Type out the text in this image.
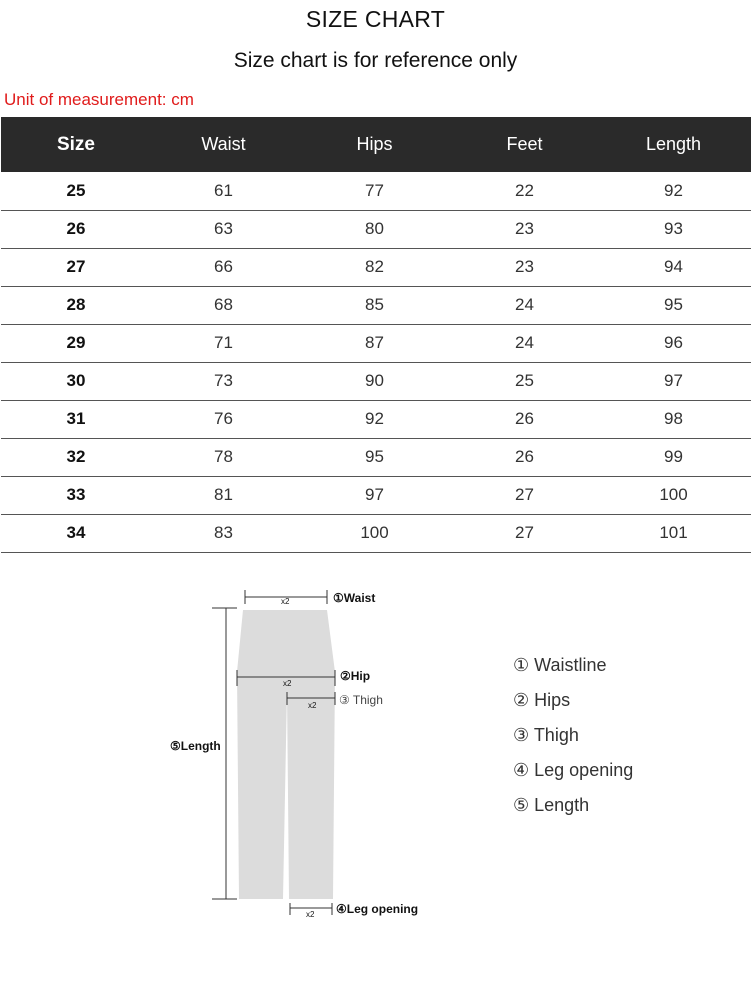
SIZE CHART
Size chart is for reference only
Unit of measurement: cm
Size	Waist	Hips	Feet	Length
25	61	77	22	92
26	63	80	23	93
27	66	82	23	94
28	68	85	24	95
29	71	87	24	96
30	73	90	25	97
31	76	92	26	98
32	78	95	26	99
33	81	97	27	100
34	83	100	27	101
x2	①Waist
x2
②Hip
x2 ③ Thigh
⑤Length
x2 ④Leg opening
① Waistline
② Hips
③ Thigh
④ Leg opening
⑤ Length
